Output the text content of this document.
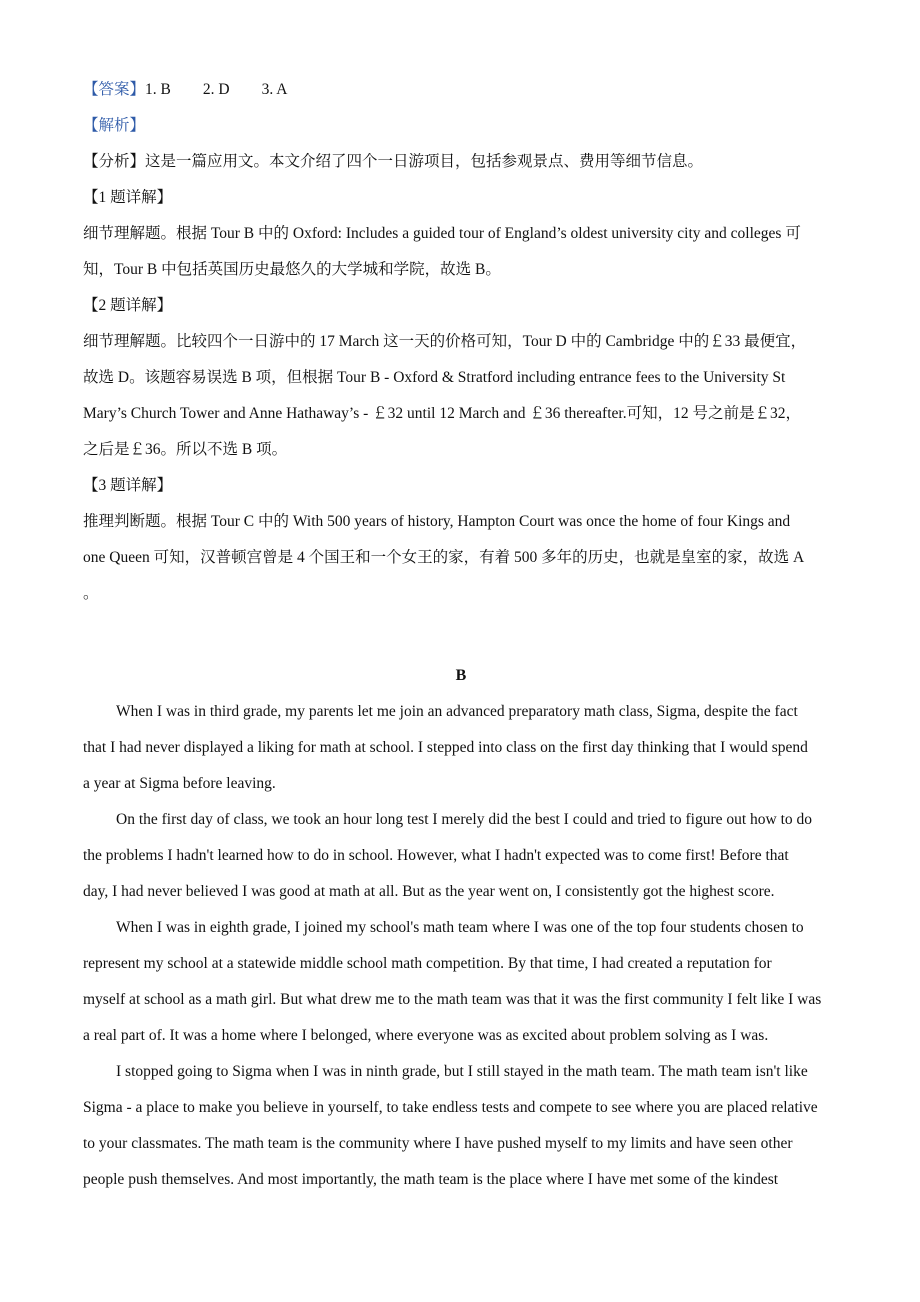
【答案】1. B 2. D 3. A
【解析】
【分析】这是一篇应用文。本文介绍了四个一日游项目，包括参观景点、费用等细节信息。
【1 题详解】
细节理解题。根据 Tour B 中的 Oxford: Includes a guided tour of England’s oldest university city and colleges 可
知，Tour B 中包括英国历史最悠久的大学城和学院，故选 B。
【2 题详解】
细节理解题。比较四个一日游中的 17 March 这一天的价格可知，Tour D 中的 Cambridge 中的￡33 最便宜，
故选 D。该题容易误选 B 项，但根据 Tour B - Oxford & Stratford including entrance fees to the University St
Mary’s Church Tower and Anne Hathaway’s - ￡32 until 12 March and ￡36 thereafter.可知，12 号之前是￡32，
之后是￡36。所以不选 B 项。
【3 题详解】
推理判断题。根据 Tour C 中的 With 500 years of history, Hampton Court was once the home of four Kings and
one Queen 可知，汉普顿宫曾是 4 个国王和一个女王的家，有着 500 多年的历史，也就是皇室的家，故选 A
。
B
When I was in third grade, my parents let me join an advanced preparatory math class, Sigma, despite the fact
that I had never displayed a liking for math at school. I stepped into class on the first day thinking that I would spend
a year at Sigma before leaving.
On the first day of class, we took an hour long test I merely did the best I could and tried to figure out how to do
the problems I hadn't learned how to do in school. However, what I hadn't expected was to come first! Before that
day, I had never believed I was good at math at all. But as the year went on, I consistently got the highest score.
When I was in eighth grade, I joined my school's math team where I was one of the top four students chosen to
represent my school at a statewide middle school math competition. By that time, I had created a reputation for
myself at school as a math girl. But what drew me to the math team was that it was the first community I felt like I was
a real part of. It was a home where I belonged, where everyone was as excited about problem solving as I was.
I stopped going to Sigma when I was in ninth grade, but I still stayed in the math team. The math team isn't like
Sigma - a place to make you believe in yourself, to take endless tests and compete to see where you are placed relative
to your classmates. The math team is the community where I have pushed myself to my limits and have seen other
people push themselves. And most importantly, the math team is the place where I have met some of the kindest
